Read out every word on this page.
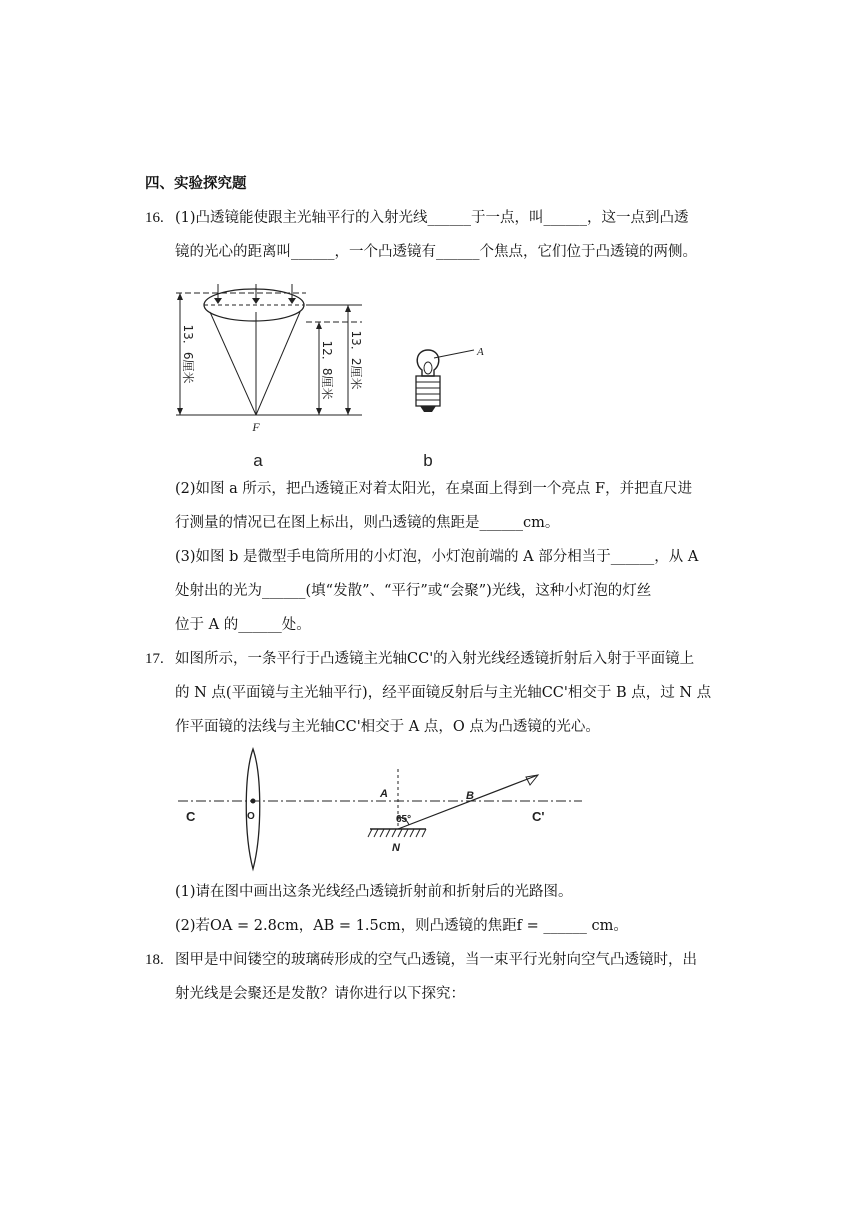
四、实验探究题
16. (1)凸透镜能使跟主光轴平行的入射光线______于一点，叫______，这一点到凸透
镜的光心的距离叫______，一个凸透镜有______个焦点，它们位于凸透镜的两侧。
13．6厘米	12．8厘米 13．2厘米
F
a
A
b
(2)如图 a 所示，把凸透镜正对着太阳光，在桌面上得到一个亮点 F，并把直尺进
行测量的情况已在图上标出，则凸透镜的焦距是______cm。
(3)如图 b 是微型手电筒所用的小灯泡，小灯泡前端的 A 部分相当于______，从 A
处射出的光为______(填“发散”、“平行”或“会聚”)光线，这种小灯泡的灯丝
位于 A 的______处。
17. 如图所示，一条平行于凸透镜主光轴CC'的入射光线经透镜折射后入射于平面镜上
的 N 点(平面镜与主光轴平行)，经平面镜反射后与主光轴CC'相交于 B 点，过 N 点
作平面镜的法线与主光轴CC'相交于 A 点，O 点为凸透镜的光心。
C	O
A	B
C'
N
65°
(1)请在图中画出这条光线经凸透镜折射前和折射后的光路图。
(2)若OA = 2.8cm，AB = 1.5cm，则凸透镜的焦距f = ______ cm。
18. 图甲是中间镂空的玻璃砖形成的空气凸透镜，当一束平行光射向空气凸透镜时，出
射光线是会聚还是发散？请你进行以下探究：
